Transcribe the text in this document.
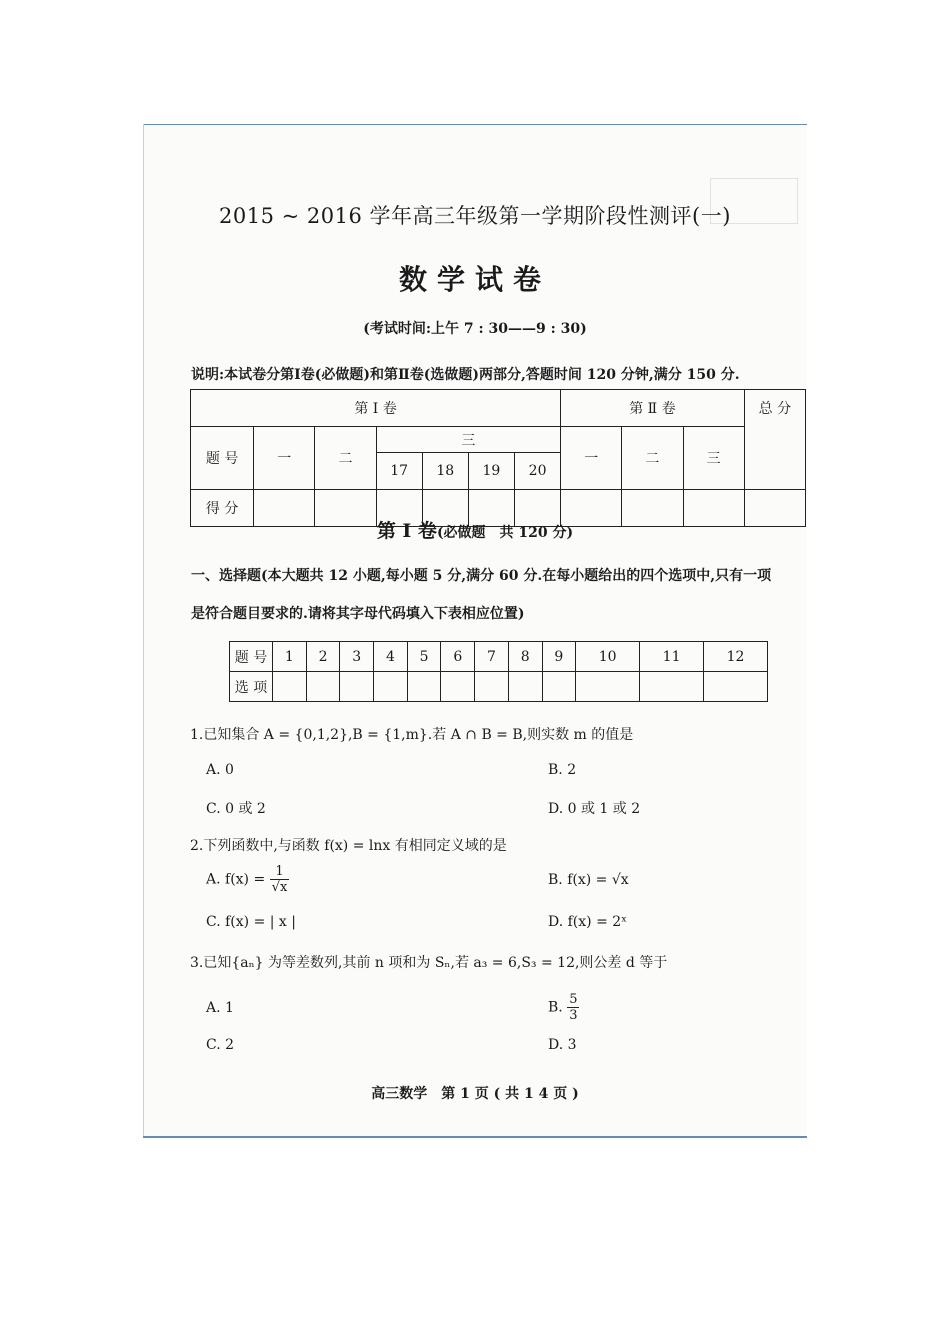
2015 ~ 2016 学年高三年级第一学期阶段性测评(一)
数学试卷
(考试时间:上午 7 : 30——9 : 30)
说明:本试卷分第Ⅰ卷(必做题)和第Ⅱ卷(选做题)两部分,答题时间 120 分钟,满分 150 分.
第 Ⅰ 卷							第 Ⅱ 卷			总 分
题 号	一	二	三				一	二	三	
			17	18	19	20				
得 分										
第 Ⅰ 卷(必做题　共 120 分)
一、选择题(本大题共 12 小题,每小题 5 分,满分 60 分.在每小题给出的四个选项中,只有一项
是符合题目要求的.请将其字母代码填入下表相应位置)
题 号	1	2	3	4	5	6	7	8	9	10	11	12
选 项												
1.已知集合 A = {0,1,2},B = {1,m}.若 A ∩ B = B,则实数 m 的值是
A. 0	B. 2
C. 0 或 2	D. 0 或 1 或 2
2.下列函数中,与函数 f(x) = lnx 有相同定义域的是
A. $f(x) = \frac{1}{√x}$	B. f(x) = √x
C. f(x) = | x |	D. f(x) = 2ˣ
3.已知{aₙ} 为等差数列,其前 n 项和为 Sₙ,若 a₃ = 6,S₃ = 12,则公差 d 等于
A. 1	B. $\frac{5}{3}$
C. 2	D. 3
高三数学　第 1 页 ( 共 1 4 页 )
